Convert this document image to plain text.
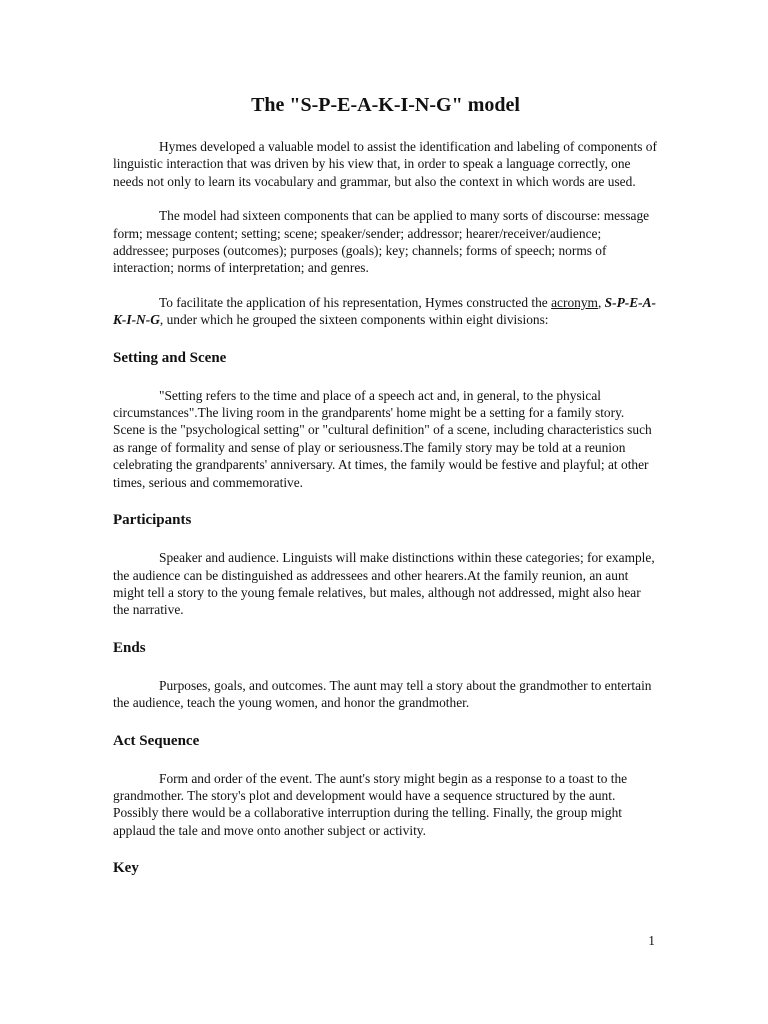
The "S-P-E-A-K-I-N-G" model

Hymes developed a valuable model to assist the identification and labeling of components of linguistic interaction that was driven by his view that, in order to speak a language correctly, one needs not only to learn its vocabulary and grammar, but also the context in which words are used.

The model had sixteen components that can be applied to many sorts of discourse: message form; message content; setting; scene; speaker/sender; addressor; hearer/receiver/audience; addressee; purposes (outcomes); purposes (goals); key; channels; forms of speech; norms of interaction; norms of interpretation; and genres.

To facilitate the application of his representation, Hymes constructed the acronym, S-P-E-A-K-I-N-G, under which he grouped the sixteen components within eight divisions:

Setting and Scene

"Setting refers to the time and place of a speech act and, in general, to the physical circumstances".The living room in the grandparents' home might be a setting for a family story. Scene is the "psychological setting" or "cultural definition" of a scene, including characteristics such as range of formality and sense of play or seriousness.The family story may be told at a reunion celebrating the grandparents' anniversary. At times, the family would be festive and playful; at other times, serious and commemorative.

Participants

Speaker and audience. Linguists will make distinctions within these categories; for example, the audience can be distinguished as addressees and other hearers.At the family reunion, an aunt might tell a story to the young female relatives, but males, although not addressed, might also hear the narrative.

Ends

Purposes, goals, and outcomes. The aunt may tell a story about the grandmother to entertain the audience, teach the young women, and honor the grandmother.

Act Sequence

Form and order of the event. The aunt's story might begin as a response to a toast to the grandmother. The story's plot and development would have a sequence structured by the aunt. Possibly there would be a collaborative interruption during the telling. Finally, the group might applaud the tale and move onto another subject or activity.

Key
1
